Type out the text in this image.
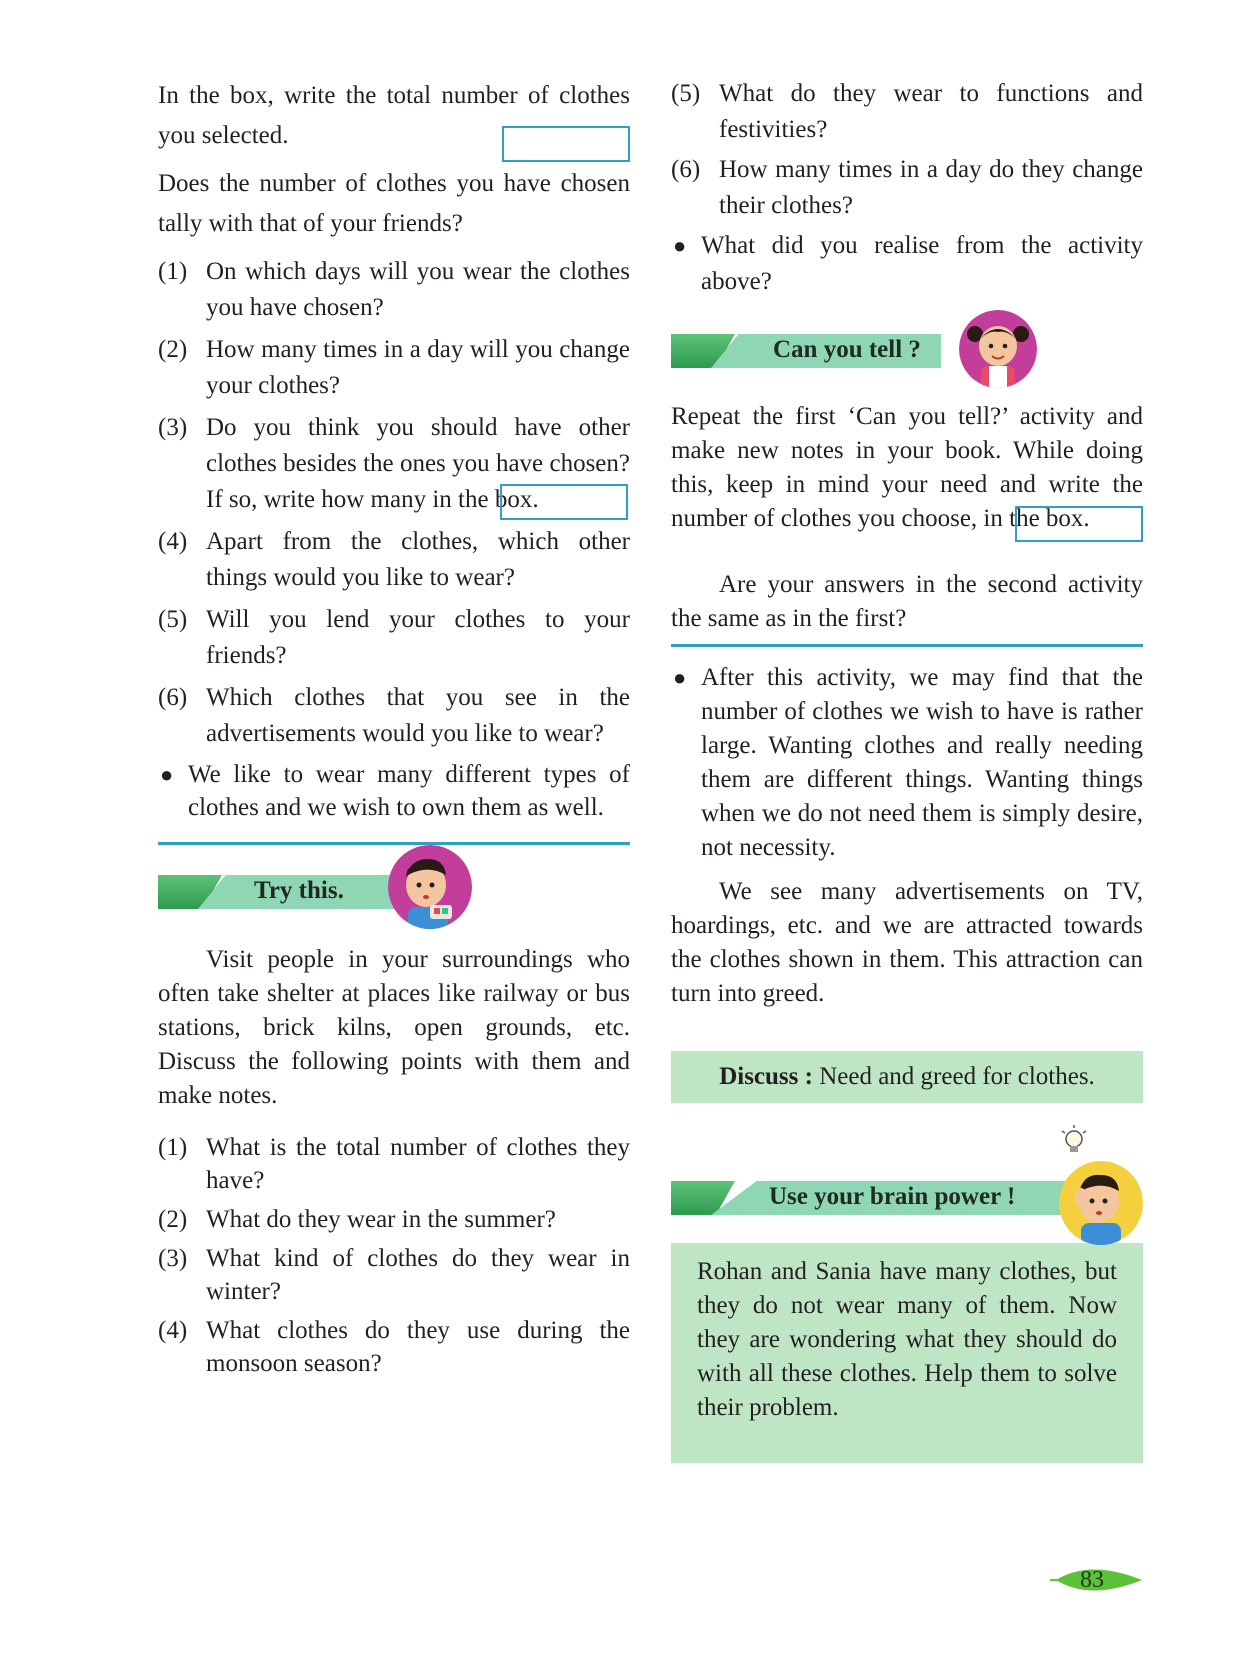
In the box, write the total number of clothes you selected.

Does the number of clothes you have chosen tally with that of your friends?

(1) On which days will you wear the clothes you have chosen?
(2) How many times in a day will you change your clothes?
(3) Do you think you should have other clothes besides the ones you have chosen? If so, write how many in the box.
(4) Apart from the clothes, which other things would you like to wear?
(5) Will you lend your clothes to your friends?
(6) Which clothes that you see in the advertisements would you like to wear?
● We like to wear many different types of clothes and we wish to own them as well.
Try this.

Visit people in your surroundings who often take shelter at places like railway or bus stations, brick kilns, open grounds, etc. Discuss the following points with them and make notes.

(1) What is the total number of clothes they have?
(2) What do they wear in the summer?
(3) What kind of clothes do they wear in winter?
(4) What clothes do they use during the monsoon season?
(5) What do they wear to functions and festivities?
(6) How many times in a day do they change their clothes?
● What did you realise from the activity above?
Can you tell ?

Repeat the first ‘Can you tell?’ activity and make new notes in your book. While doing this, keep in mind your need and write the number of clothes you choose, in the box.

Are your answers in the second activity the same as in the first?

● After this activity, we may find that the number of clothes we wish to have is rather large. Wanting clothes and really needing them are different things. Wanting things when we do not need them is simply desire, not necessity.

We see many advertisements on TV, hoardings, etc. and we are attracted towards the clothes shown in them. This attraction can turn into greed.

Discuss : Need and greed for clothes.
Use your brain power !

Rohan and Sania have many clothes, but they do not wear many of them. Now they are wondering what they should do with all these clothes. Help them to solve their problem.

83
